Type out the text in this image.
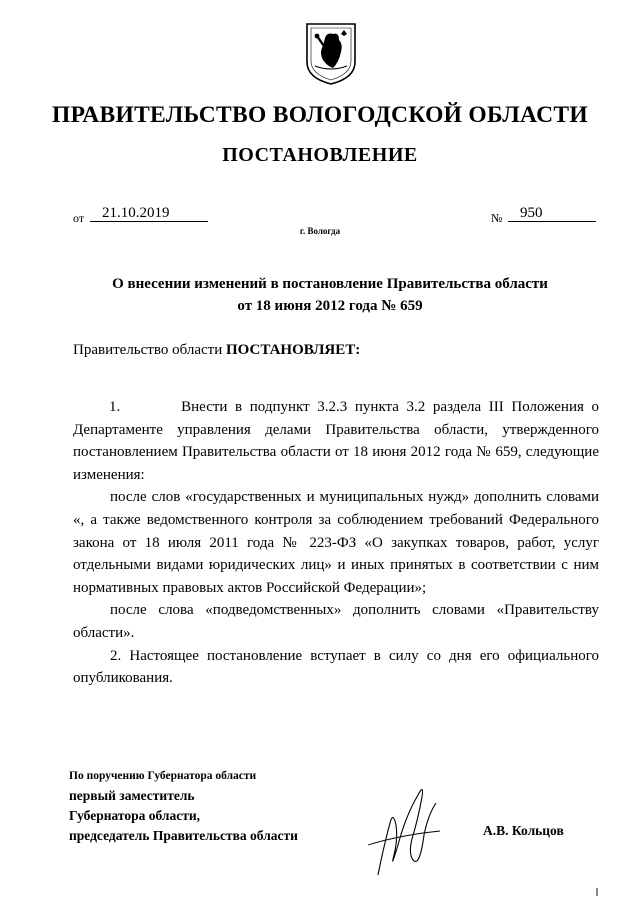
ПРАВИТЕЛЬСТВО ВОЛОГОДСКОЙ ОБЛАСТИ
ПОСТАНОВЛЕНИЕ
от	21.10.2019	№	950
г. Вологда
О внесении изменений в постановление Правительства области
от 18 июня 2012 года № 659
Правительство области ПОСТАНОВЛЯЕТ:

1.        Внести в подпункт 3.2.3 пункта 3.2 раздела III Положения о Департаменте управления делами Правительства области, утвержденного постановлением Правительства области от 18 июня 2012 года № 659, следующие изменения:

после слов «государственных и муниципальных нужд» дополнить словами «, а также ведомственного контроля за соблюдением требований Федерального закона от 18 июля 2011 года № 223-ФЗ «О закупках товаров, работ, услуг отдельными видами юридических лиц» и иных принятых в соответствии с ним нормативных правовых актов Российской Федерации»;

после слова «подведомственных» дополнить словами «Правительству области».

2. Настоящее постановление вступает в силу со дня его официального опубликования.

По поручению Губернатора области
первый заместитель
Губернатора области,
председатель Правительства области	А.В. Кольцов
